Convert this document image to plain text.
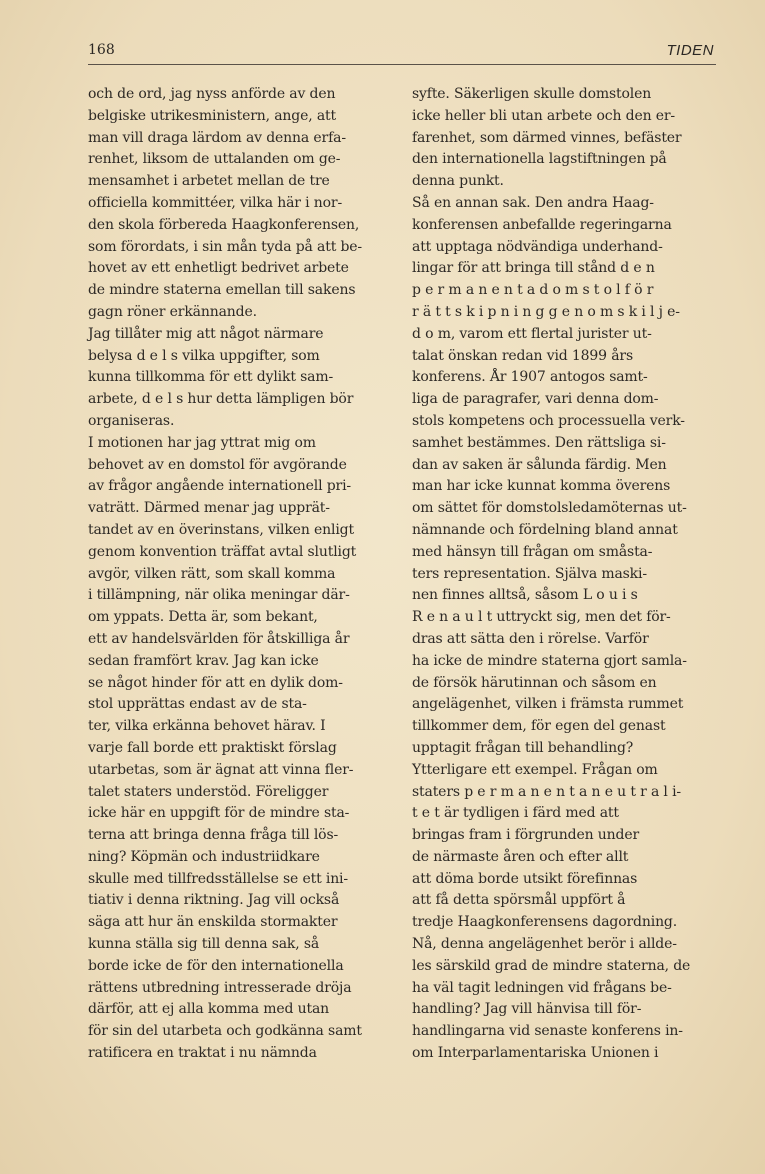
168	TIDEN
och de ord, jag nyss anförde av den
belgiske utrikesministern, ange, att
man vill draga lärdom av denna erfa-
renhet, liksom de uttalanden om ge-
mensamhet i arbetet mellan de tre
officiella kommittéer, vilka här i nor-
den skola förbereda Haagkonferensen,
som förordats, i sin mån tyda på att be-
hovet av ett enhetligt bedrivet arbete
de mindre staterna emellan till sakens
gagn röner erkännande.
Jag tillåter mig att något närmare
belysa d e l s vilka uppgifter, som
kunna tillkomma för ett dylikt sam-
arbete, d e l s hur detta lämpligen bör
organiseras.
I motionen har jag yttrat mig om
behovet av en domstol för avgörande
av frågor angående internationell pri-
vaträtt. Därmed menar jag upprät-
tandet av en överinstans, vilken enligt
genom konvention träffat avtal slutligt
avgör, vilken rätt, som skall komma
i tillämpning, när olika meningar där-
om yppats. Detta är, som bekant,
ett av handelsvärlden för åtskilliga år
sedan framfört krav. Jag kan icke
se något hinder för att en dylik dom-
stol upprättas endast av de sta-
ter, vilka erkänna behovet härav. I
varje fall borde ett praktiskt förslag
utarbetas, som är ägnat att vinna fler-
talet staters understöd. Föreligger
icke här en uppgift för de mindre sta-
terna att bringa denna fråga till lös-
ning? Köpmän och industriidkare
skulle med tillfredsställelse se ett ini-
tiativ i denna riktning. Jag vill också
säga att hur än enskilda stormakter
kunna ställa sig till denna sak, så
borde icke de för den internationella
rättens utbredning intresserade dröja
därför, att ej alla komma med utan
för sin del utarbeta och godkänna samt
ratificera en traktat i nu nämnda
syfte. Säkerligen skulle domstolen
icke heller bli utan arbete och den er-
farenhet, som därmed vinnes, befäster
den internationella lagstiftningen på
denna punkt.
Så en annan sak. Den andra Haag-
konferensen anbefallde regeringarna
att upptaga nödvändiga underhand-
lingar för att bringa till stånd d e n
p e r m a n e n t a d o m s t o l f ö r
r ä t t s k i p n i n g g e n o m s k i l j e-
d o m, varom ett flertal jurister ut-
talat önskan redan vid 1899 års
konferens. År 1907 antogos samt-
liga de paragrafer, vari denna dom-
stols kompetens och processuella verk-
samhet bestämmes. Den rättsliga si-
dan av saken är sålunda färdig. Men
man har icke kunnat komma överens
om sättet för domstolsledamöternas ut-
nämnande och fördelning bland annat
med hänsyn till frågan om småsta-
ters representation. Själva maski-
nen finnes alltså, såsom L o u i s
R e n a u l t uttryckt sig, men det för-
dras att sätta den i rörelse. Varför
ha icke de mindre staterna gjort samla-
de försök härutinnan och såsom en
angelägenhet, vilken i främsta rummet
tillkommer dem, för egen del genast
upptagit frågan till behandling?
Ytterligare ett exempel. Frågan om
staters p e r m a n e n t a n e u t r a l i-
t e t är tydligen i färd med att
bringas fram i förgrunden under
de närmaste åren och efter allt
att döma borde utsikt förefinnas
att få detta spörsmål uppfört å
tredje Haagkonferensens dagordning.
Nå, denna angelägenhet berör i allde-
les särskild grad de mindre staterna, de
ha väl tagit ledningen vid frågans be-
handling? Jag vill hänvisa till för-
handlingarna vid senaste konferens in-
om Interparlamentariska Unionen i
